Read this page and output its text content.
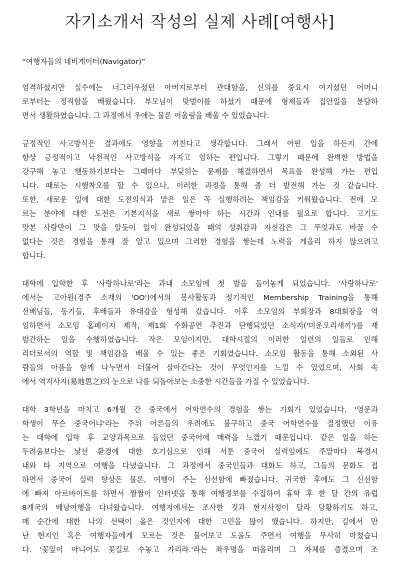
자기소개서 작성의 실제 사례[여행사]
“여행자들의 네비게이터(Navigator)”
엄격하셨지만 실수에는 너그러우셨던 아버지로부터 관대함을, 신의를 중요시 여기셨던 어머니
로부터는 정직함을 배웠습니다. 부모님이 맞벌이를 하셨기 때문에 형제들과 집안일을 분담하
면서 생활하였습니다. 그 과정에서 우애는 물론 어울림을 배울 수 있었습니다.
긍정적인 사고방식은 결과에도 영향을 끼친다고 생각합니다. 그래서 어떤 일을 하든지 간에
항상 긍정적이고 낙천적인 사고방식을 가지고 임하는 편입니다. 그렇기 때문에 완벽한 방법을
강구해 놓고 행동하기보다는 그때마다 부딪히는 문제를 해결하면서 목표를 완성해 가는 편입
니다. 때로는 시행착오를 할 수 있으나, 이러한 과정을 통해 좀 더 발전해 가는 것 같습니다.
또한, 새로운 일에 대한 도전의식과 맡은 일은 꼭 실행하려는 책임감을 키워왔습니다. 전에 모
르는 분야에 대한 도전은 기본지식을 새로 쌓아야 하는 시간과 인내를 필요로 합니다. 고기도
맛본 사람만이 그 맛을 알듯이 일이 완성되었을 때의 성취감과 자신감은 그 무엇과도 바꿀 수
없다는 것은 경험을 통해 잘 알고 있으며 그러한 경험을 쌓는데 노력을 게을리 하지 않으려고
합니다.
대학에 입학한 후 '사랑하나로'라는 과내 소모임에 첫 발을 들여놓게 되었습니다. '사랑하나로'
에서는 고아원(경주 소재의 'OO')에서의 봉사활동과 정기적인 Membership Training을 통해
선배님들, 동기들, 후배들과 유대감을 형성해 갔습니다. 이후 소모임의 부회장과 8대회장을 역
임하면서 소모임 홈페이지 제작, 제1회 수화공연 추진과 단행되었던 소식지('미운오리새끼')를 재
발간하는 일을 수행하였습니다. 작은 모임이지만, 대학시절의 이러한 일련의 일들로 인해
리더로서의 역할 및 책임감을 배울 수 있는 좋은 기회였습니다. 소모임 활동을 통해 소외된 사
람들의 아픔을 함께 나누면서 더불어 살아간다는 것이 무엇인지를 느낄 수 있었으며, 사회 속
에서 역지사지(易地思之)의 눈으로 나를 되돌아보는 소중한 시간들을 가질 수 있었습니다.
대학 3학년을 마치고 6개월 간 중국에서 어학연수의 경험을 쌓는 기회가 있었습니다. '영문과
학생이 무슨 중국어냐'라는 주위 어른들의 우려에도 불구하고 중국 어학연수를 결정했던 이유
는 대학에 입학 후 교양과목으로 들었던 중국어에 매력을 느꼈기 때문입니다. 같은 일을 하는
두려움보다는 낯선 환경에 대한 호기심으로 인해 서툰 중국어 실력임에도 주말마다 북경시
내와 타 지역으로 여행을 다녔습니다. 그 과정에서 중국인들과 대화도 하고, 그들의 문화도 접
하면서 중국어 실력 향상은 물론, 여행이 주는 신선함에 빠졌습니다. 귀국한 후에도 그 신선함
에 빠져 아르바이트를 하면서 짬짬이 인터넷을 통해 여행정보를 수집하여 휴학 후 한 달 간의 유럽
8개국의 배낭여행을 다녀왔습니다. 여행지에서는 조사한 것과 현지사정이 달라 당황하기도 하고,
매 순간에 대한 나의 선택이 옳은 것인지에 대한 고민을 많이 했습니다. 하지만, 길에서 만
난 현지인 혹은 여행자들에게 모르는 것은 물어보고 도움도 주면서 여행을 무사히 마쳤습니
다. '꽃잎이 아니어도 꽃길로 수놓고 가리라.'라는 좌우명을 떠올리며 그 자체를 즐겼으며 조
